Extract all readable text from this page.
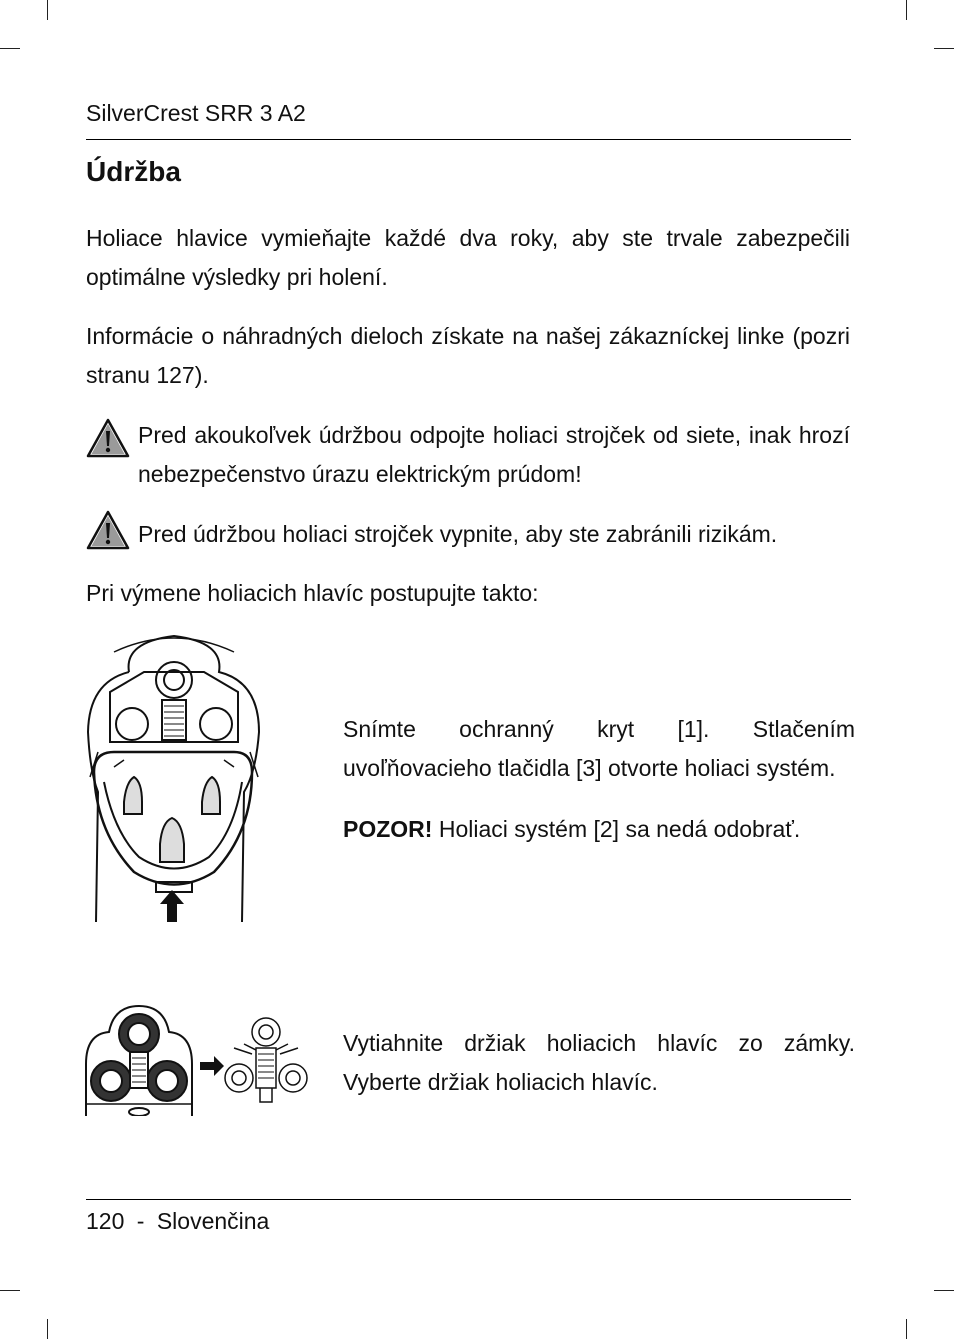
SilverCrest SRR 3 A2
Údržba

Holiace hlavice vymieňajte každé dva roky, aby ste trvale zabezpečili optimálne výsledky pri holení.

Informácie o náhradných dieloch získate na našej zákazníckej linke (pozri stranu 127).

Pred akoukoľvek údržbou odpojte holiaci strojček od siete, inak hrozí nebezpečenstvo úrazu elektrickým prúdom!

Pred údržbou holiaci strojček vypnite, aby ste zabránili rizikám.

Pri výmene holiacich hlavíc postupujte takto:

Snímte ochranný kryt [1]. Stlačením uvoľňovacieho tlačidla [3] otvorte holiaci systém.

POZOR! Holiaci systém [2] sa nedá odobrať.

Vytiahnite držiak holiacich hlavíc zo zámky. Vyberte držiak holiacich hlavíc.

120 - Slovenčina
